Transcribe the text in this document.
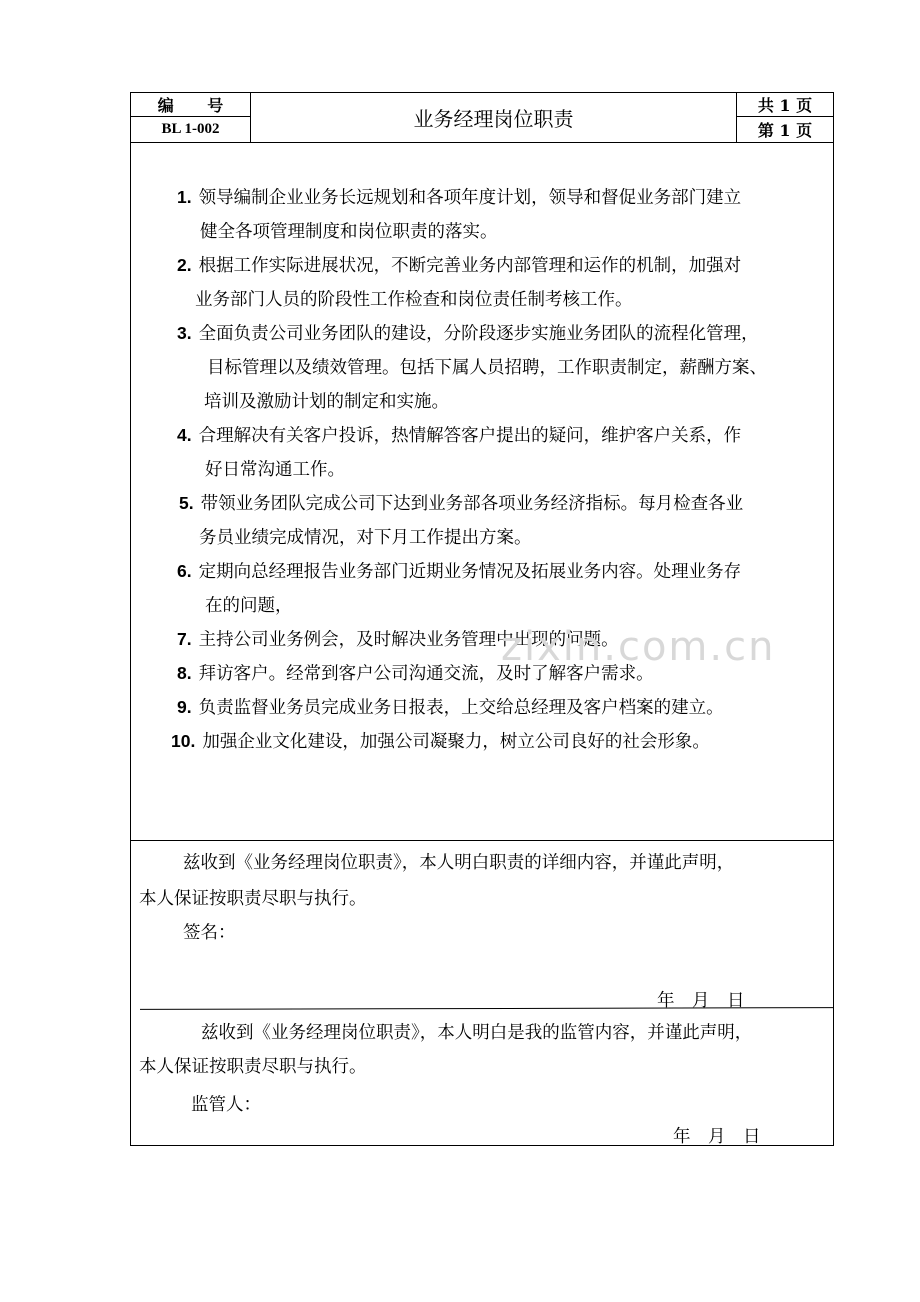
编 号
BL 1-002	业务经理岗位职责
共 1 页
第 1 页
1. 领导编制企业业务长远规划和各项年度计划，领导和督促业务部门建立
健全各项管理制度和岗位职责的落实。
2. 根据工作实际进展状况，不断完善业务内部管理和运作的机制，加强对
业务部门人员的阶段性工作检查和岗位责任制考核工作。
3. 全面负责公司业务团队的建设，分阶段逐步实施业务团队的流程化管理，
目标管理以及绩效管理。包括下属人员招聘，工作职责制定，薪酬方案、
培训及激励计划的制定和实施。
4. 合理解决有关客户投诉，热情解答客户提出的疑问，维护客户关系，作
好日常沟通工作。
5. 带领业务团队完成公司下达到业务部各项业务经济指标。每月检查各业
务员业绩完成情况，对下月工作提出方案。
6. 定期向总经理报告业务部门近期业务情况及拓展业务内容。处理业务存
在的问题，
7. 主持公司业务例会，及时解决业务管理中出现的问题。
8. 拜访客户。经常到客户公司沟通交流，及时了解客户需求。
9. 负责监督业务员完成业务日报表，上交给总经理及客户档案的建立。
10. 加强企业文化建设，加强公司凝聚力，树立公司良好的社会形象。
zixin.com.cn
兹收到《业务经理岗位职责》，本人明白职责的详细内容，并谨此声明，
本人保证按职责尽职与执行。
签名：
年　月　日
兹收到《业务经理岗位职责》，本人明白是我的监管内容，并谨此声明，
本人保证按职责尽职与执行。
监管人：
年　月　日
